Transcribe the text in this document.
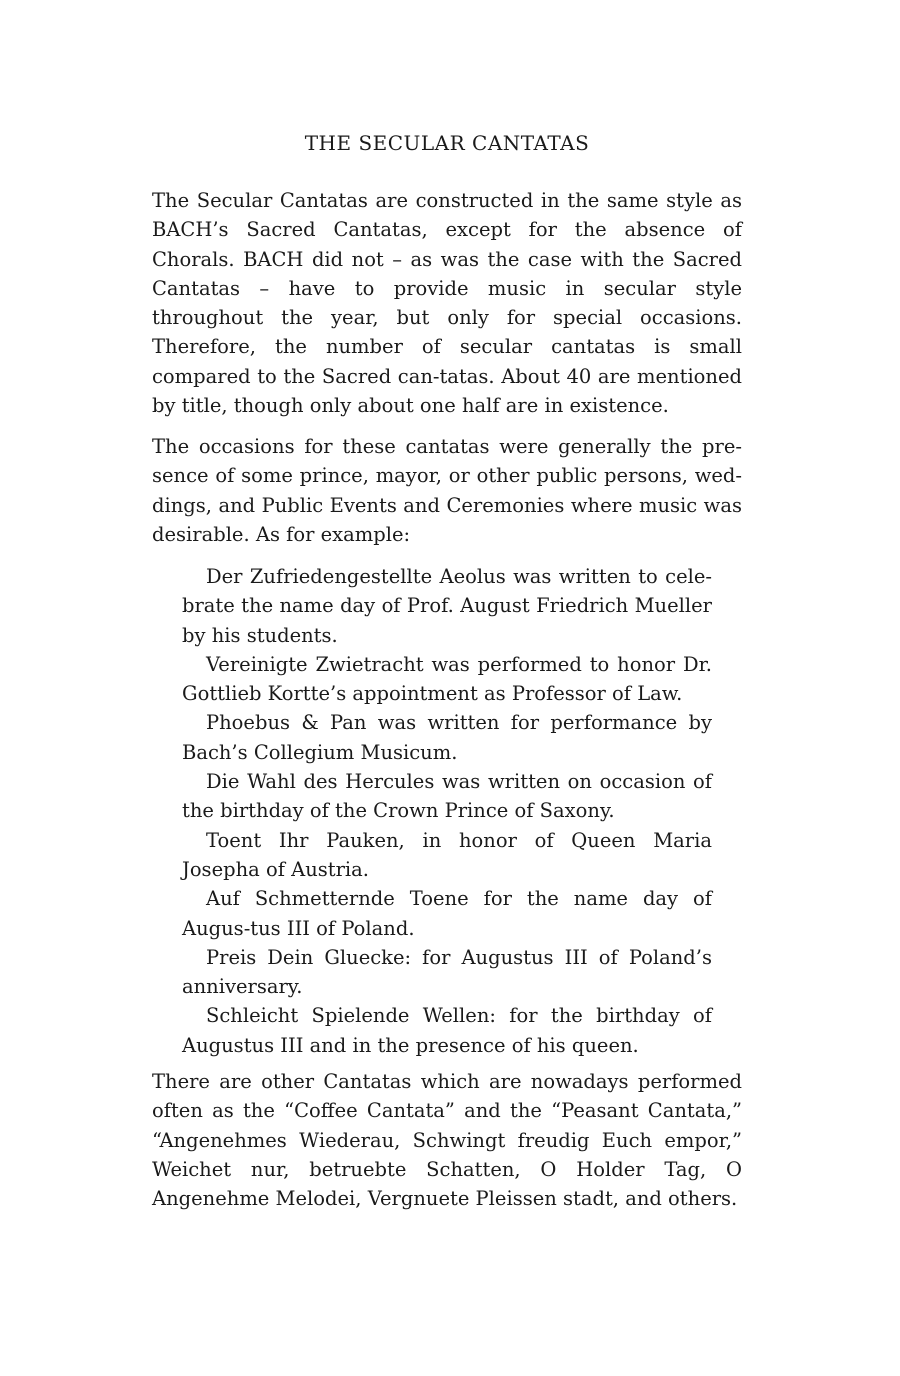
THE SECULAR CANTATAS

The Secular Cantatas are constructed in the same style as BACH’s Sacred Cantatas, except for the absence of Chorals. BACH did not – as was the case with the Sacred Cantatas – have to provide music in secular style throughout the year, but only for special occasions. Therefore, the number of secular cantatas is small compared to the Sacred can-tatas. About 40 are mentioned by title, though only about one half are in existence.

The occasions for these cantatas were generally the pre-sence of some prince, mayor, or other public persons, wed-dings, and Public Events and Ceremonies where music was desirable. As for example:

Der Zufriedengestellte Aeolus was written to cele-brate the name day of Prof. August Friedrich Mueller by his students.
Vereinigte Zwietracht was performed to honor Dr. Gottlieb Kortte’s appointment as Professor of Law.
Phoebus & Pan was written for performance by Bach’s Collegium Musicum.
Die Wahl des Hercules was written on occasion of the birthday of the Crown Prince of Saxony.
Toent Ihr Pauken, in honor of Queen Maria Josepha of Austria.
Auf Schmetternde Toene for the name day of Augus-tus III of Poland.
Preis Dein Gluecke: for Augustus III of Poland’s anniversary.
Schleicht Spielende Wellen: for the birthday of Augustus III and in the presence of his queen.

There are other Cantatas which are nowadays performed often as the “Coffee Cantata” and the “Peasant Cantata,” “Angenehmes Wiederau, Schwingt freudig Euch empor,” Weichet nur, betruebte Schatten, O Holder Tag, O Angenehme Melodei, Vergnuete Pleissen stadt, and others.
